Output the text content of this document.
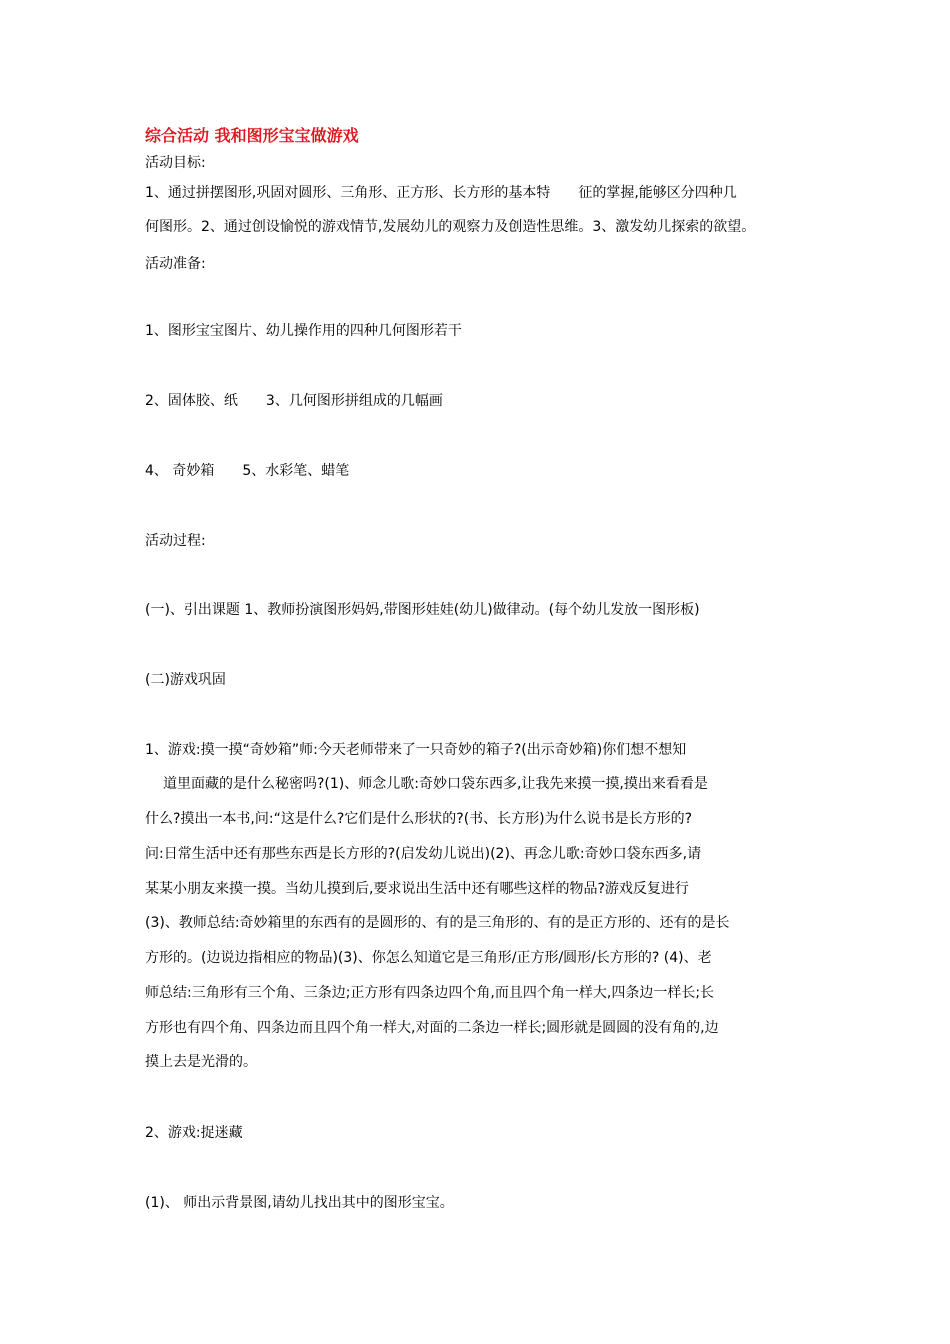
综合活动 我和图形宝宝做游戏
活动目标:
1、通过拼摆图形,巩固对圆形、三角形、正方形、长方形的基本特 征的掌握,能够区分四种几
何图形。2、通过创设愉悦的游戏情节,发展幼儿的观察力及创造性思维。3、激发幼儿探索的欲望。
活动准备:
1、图形宝宝图片、幼儿操作用的四种几何图形若干
2、固体胶、纸 3、几何图形拼组成的几幅画
4、 奇妙箱 5、水彩笔、蜡笔
活动过程:
(一)、引出课题 1、教师扮演图形妈妈,带图形娃娃(幼儿)做律动。(每个幼儿发放一图形板)
(二)游戏巩固
1、游戏:摸一摸“奇妙箱”师:今天老师带来了一只奇妙的箱子?(出示奇妙箱)你们想不想知
道里面藏的是什么秘密吗?(1)、师念儿歌:奇妙口袋东西多,让我先来摸一摸,摸出来看看是
什么?摸出一本书,问:“这是什么?它们是什么形状的?(书、长方形)为什么说书是长方形的?
问:日常生活中还有那些东西是长方形的?(启发幼儿说出)(2)、再念儿歌:奇妙口袋东西多,请
某某小朋友来摸一摸。当幼儿摸到后,要求说出生活中还有哪些这样的物品?游戏反复进行
(3)、教师总结:奇妙箱里的东西有的是圆形的、有的是三角形的、有的是正方形的、还有的是长
方形的。(边说边指相应的物品)(3)、你怎么知道它是三角形/正方形/圆形/长方形的? (4)、老
师总结:三角形有三个角、三条边;正方形有四条边四个角,而且四个角一样大,四条边一样长;长
方形也有四个角、四条边而且四个角一样大,对面的二条边一样长;圆形就是圆圆的没有角的,边
摸上去是光滑的。
2、游戏:捉迷藏
(1)、 师出示背景图,请幼儿找出其中的图形宝宝。
